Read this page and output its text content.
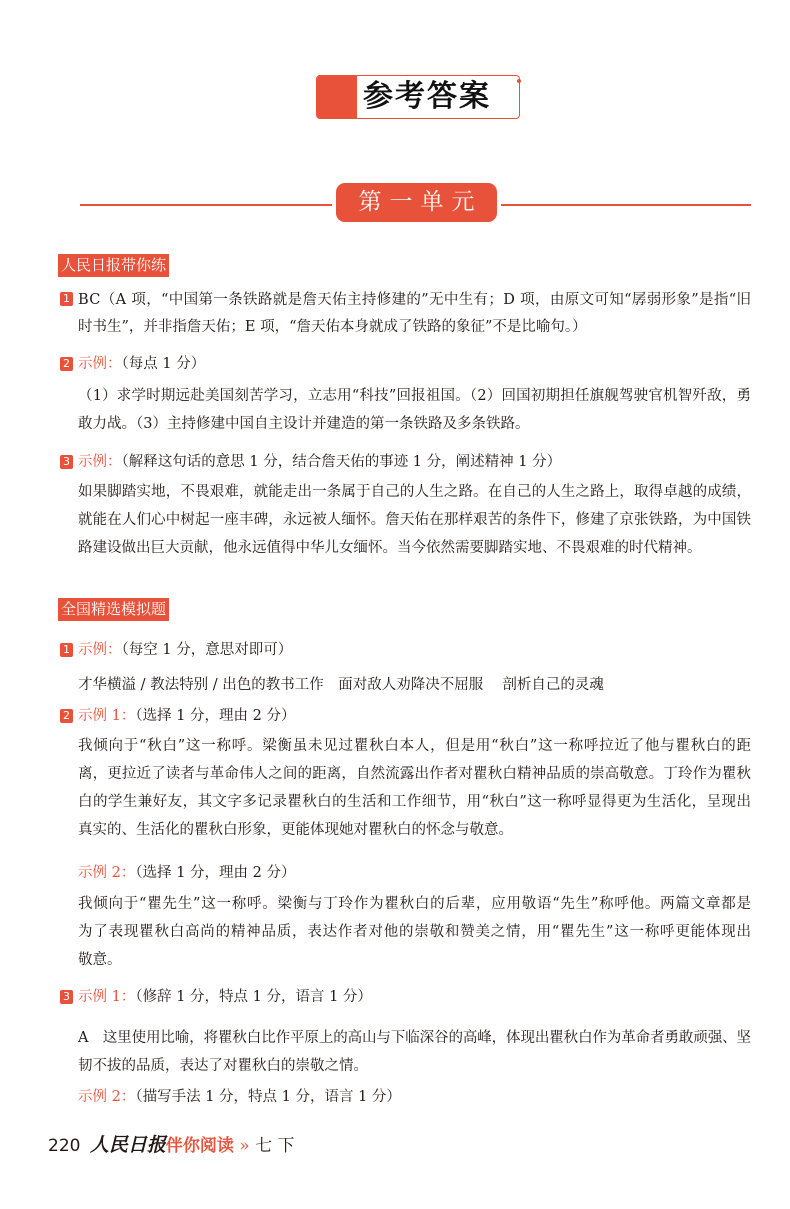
参考答案
第一单元
人民日报带你练
1 BC（A 项，“中国第一条铁路就是詹天佑主持修建的”无中生有；D 项，由原文可知“孱弱形象”是指“旧
时书生”，并非指詹天佑；E 项，“詹天佑本身就成了铁路的象征”不是比喻句。）
2 示例：（每点 1 分）
（1）求学时期远赴美国刻苦学习，立志用“科技”回报祖国。（2）回国初期担任旗舰驾驶官机智歼敌，勇
敢力战。（3）主持修建中国自主设计并建造的第一条铁路及多条铁路。
3 示例：（解释这句话的意思 1 分，结合詹天佑的事迹 1 分，阐述精神 1 分）
如果脚踏实地，不畏艰难，就能走出一条属于自己的人生之路。在自己的人生之路上，取得卓越的成绩，
就能在人们心中树起一座丰碑，永远被人缅怀。詹天佑在那样艰苦的条件下，修建了京张铁路，为中国铁
路建设做出巨大贡献，他永远值得中华儿女缅怀。当今依然需要脚踏实地、不畏艰难的时代精神。
全国精选模拟题
1 示例：（每空 1 分，意思对即可）
才华横溢 / 教法特别 / 出色的教书工作　面对敌人劝降决不屈服　 剖析自己的灵魂
2 示例 1：（选择 1 分，理由 2 分）
我倾向于“秋白”这一称呼。梁衡虽未见过瞿秋白本人，但是用“秋白”这一称呼拉近了他与瞿秋白的距
离，更拉近了读者与革命伟人之间的距离，自然流露出作者对瞿秋白精神品质的崇高敬意。丁玲作为瞿秋
白的学生兼好友，其文字多记录瞿秋白的生活和工作细节，用“秋白”这一称呼显得更为生活化，呈现出
真实的、生活化的瞿秋白形象，更能体现她对瞿秋白的怀念与敬意。
示例 2：（选择 1 分，理由 2 分）
我倾向于“瞿先生”这一称呼。梁衡与丁玲作为瞿秋白的后辈，应用敬语“先生”称呼他。两篇文章都是
为了表现瞿秋白高尚的精神品质，表达作者对他的崇敬和赞美之情，用“瞿先生”这一称呼更能体现出
敬意。
3 示例 1：（修辞 1 分，特点 1 分，语言 1 分）
A　这里使用比喻，将瞿秋白比作平原上的高山与下临深谷的高峰，体现出瞿秋白作为革命者勇敢顽强、坚
韧不拔的品质，表达了对瞿秋白的崇敬之情。
示例 2：（描写手法 1 分，特点 1 分，语言 1 分）
220 人民日报伴你阅读 » 七 下
